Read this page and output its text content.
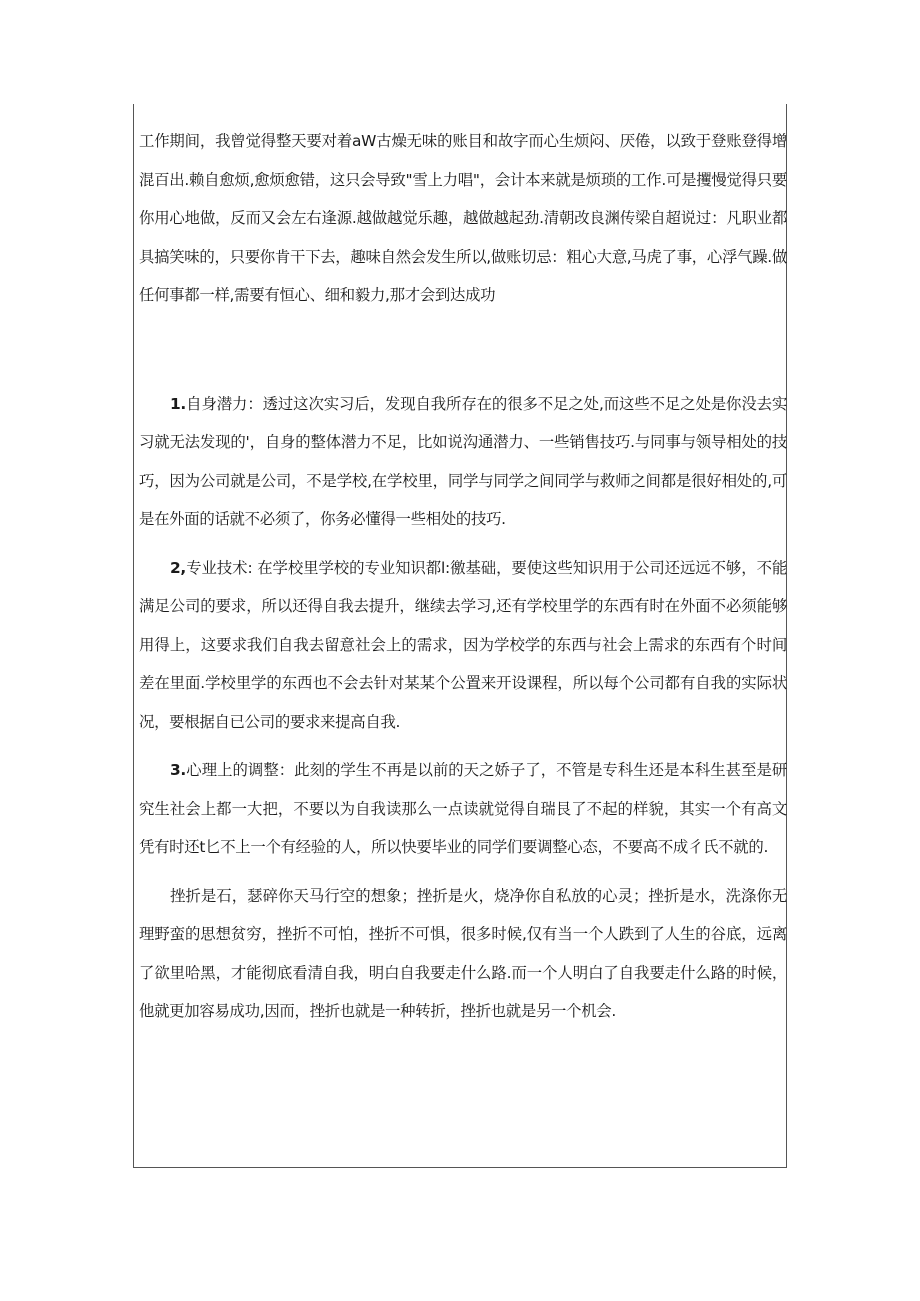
工作期间，我曾觉得整天要对着aW古燥无味的账目和故字而心生烦闷、厌倦，以致于登账登得增混百出.赖自愈烦,愈烦愈错，这只会导致"雪上力唱"，会计本来就是烦琐的工作.可是攫慢觉得只要你用心地做，反而又会左右逢源.越做越觉乐趣，越做越起劲.清朝改良渊传梁自超说过：凡职业都具搞笑味的，只要你肯干下去，趣味自然会发生所以,做账切忌：粗心大意,马虎了事，心浮气躁.做任何事都一样,需要有恒心、细和毅力,那才会到达成功

1.自身潜力：透过这次实习后，发现自我所存在的很多不足之处,而这些不足之处是你没去实习就无法发现的'，自身的整体潜力不足，比如说沟通潜力、一些销售技巧.与同事与领导相处的技巧，因为公司就是公司，不是学校,在学校里，同学与同学之间同学与救师之间都是很好相处的,可是在外面的话就不必须了，你务必懂得一些相处的技巧.

2,专业技术: 在学校里学校的专业知识都l:徼基础，要使这些知识用于公司还远远不够，不能满足公司的要求，所以还得自我去提升，继续去学习,还有学校里学的东西有时在外面不必须能够用得上，这要求我们自我去留意社会上的需求，因为学校学的东西与社会上需求的东西有个时间差在里面.学校里学的东西也不会去针对某某个公置来开设课程，所以每个公司都有自我的实际状况，要根据自已公司的要求来提高自我.

3.心理上的调整：此刻的学生不再是以前的天之娇子了，不管是专科生还是本科生甚至是研究生社会上都一大把，不要以为自我读那么一点读就觉得自瑞艮了不起的样貌，其实一个有高文凭有时还t匕不上一个有经验的人，所以快要毕业的同学们要调整心态，不要高不成彳氏不就的.

挫折是石，瑟碎你天马行空的想象；挫折是火，烧净你自私放的心灵；挫折是水，洗涤你无理野蛮的思想贫穷，挫折不可怕，挫折不可惧，很多时候,仅有当一个人跌到了人生的谷底，远离了欲里哈黑，才能彻底看清自我，明白自我要走什么路.而一个人明白了自我要走什么路的时候，他就更加容易成功,因而，挫折也就是一种转折，挫折也就是另一个机会.
